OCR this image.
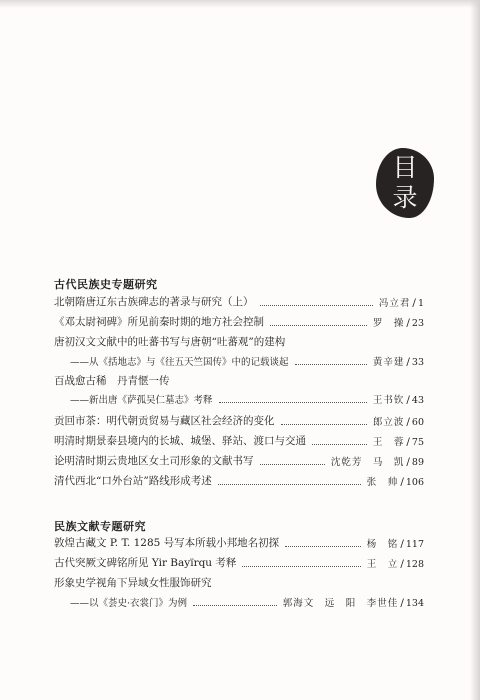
目
录
古代民族史专题研究
北朝隋唐辽东古族碑志的著录与研究（上）	冯立君 / 1
《邓太尉祠碑》所见前秦时期的地方社会控制	罗　操 / 23
唐初汉文文献中的吐蕃书写与唐朝“吐蕃观”的建构
——从《括地志》与《往五天竺国传》中的记载谈起	黄辛建 / 33
百战愈古稀　丹青惬一传
——新出唐《萨孤吴仁墓志》考释	王书钦 / 43
贡回市茶：明代朝贡贸易与藏区社会经济的变化	郎立波 / 60
明清时期景泰县境内的长城、城堡、驿站、渡口与交通	王　蓉 / 75
论明清时期云贵地区女土司形象的文献书写	沈乾芳　马　凯 / 89
清代西北“口外台站”路线形成考述	张　帅 / 106
民族文献专题研究
敦煌古藏文 P. T. 1285 号写本所载小邦地名初探	杨　铭 / 117
古代突厥文碑铭所见 Yir Bayïrqu 考释	王　立 / 128
形象史学视角下异域女性服饰研究
——以《荟史·衣裳门》为例	郭海文　远　阳　李世佳 / 134
